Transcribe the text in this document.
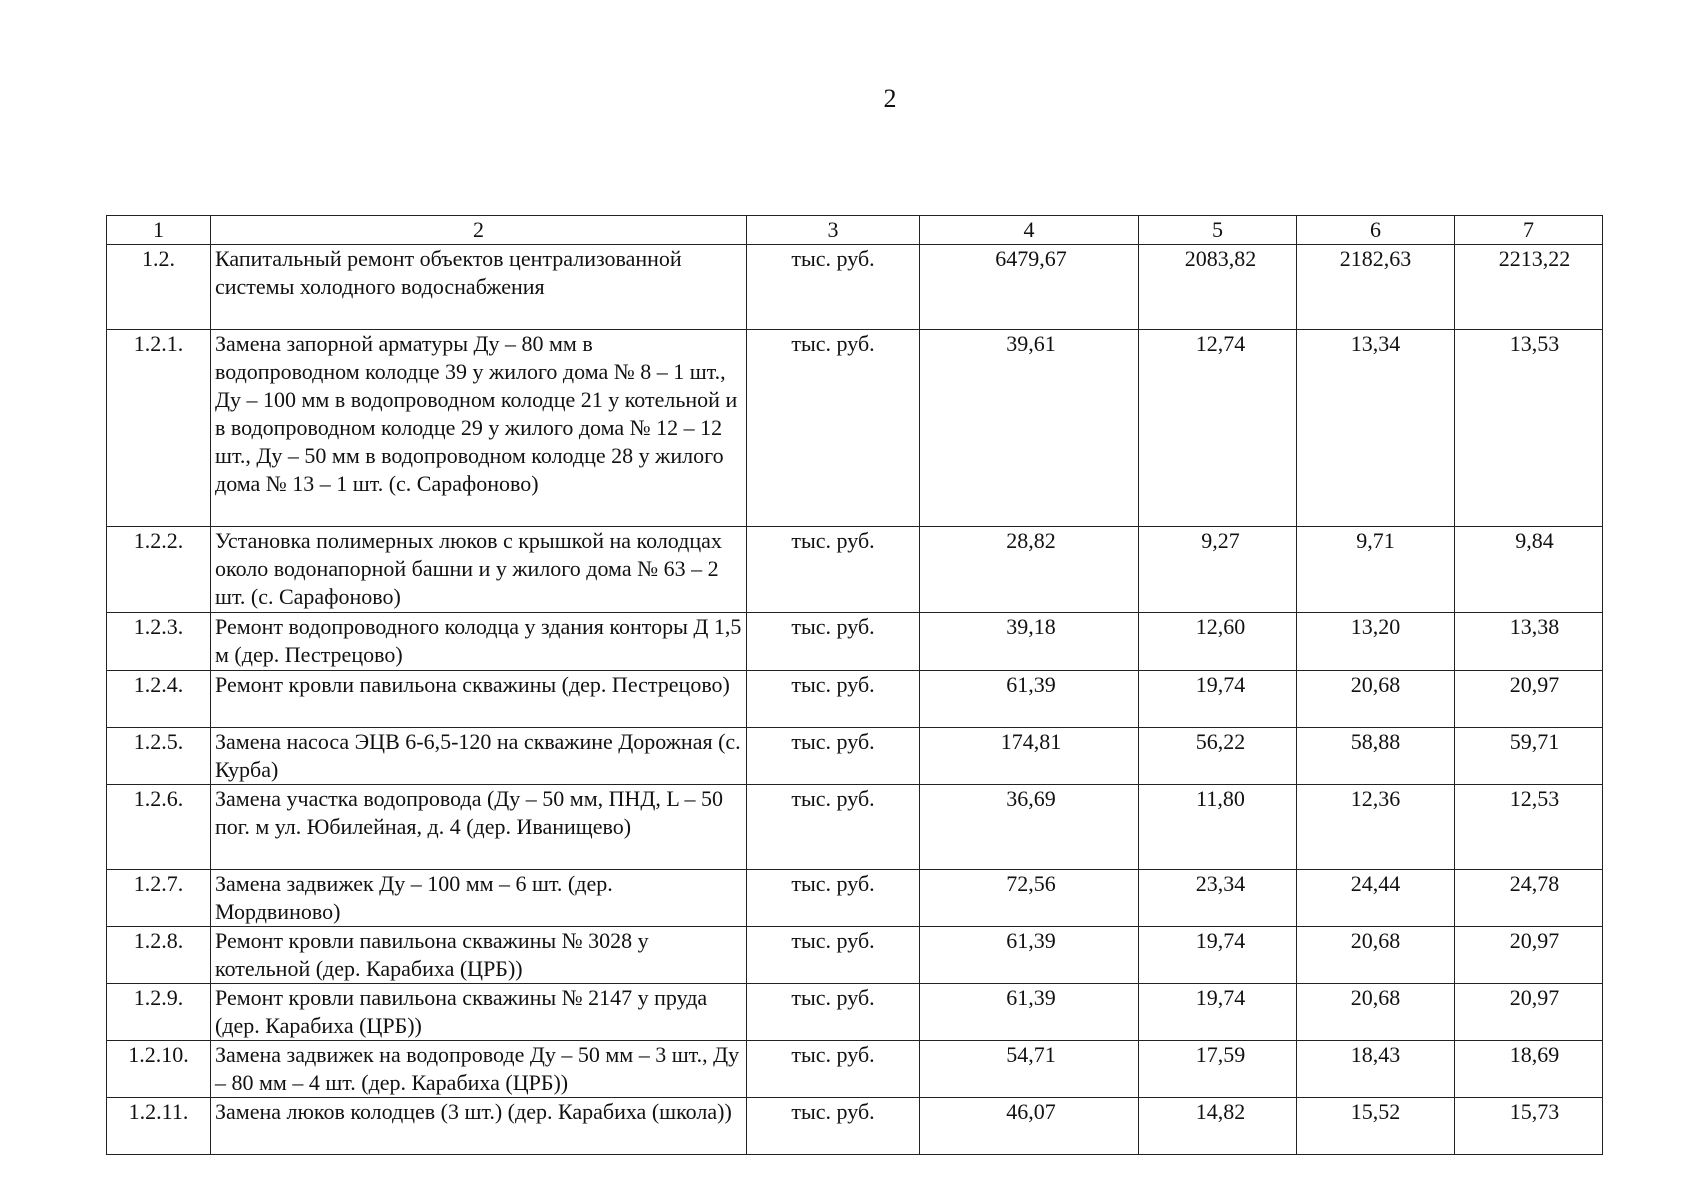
2
1	2	3	4	5	6	7
1.2.	Капитальный ремонт объектов централизованной системы холодного водоснабжения	тыс. руб.	6479,67	2083,82	2182,63	2213,22
1.2.1.	Замена запорной арматуры Ду – 80 мм в водопроводном колодце 39 у жилого дома № 8 – 1 шт., Ду – 100 мм в водопроводном колодце 21 у котельной и в водопроводном колодце 29 у жилого дома № 12 – 12 шт., Ду – 50 мм в водопроводном колодце 28 у жилого дома № 13 – 1 шт. (с. Сарафоново)	тыс. руб.	39,61	12,74	13,34	13,53
1.2.2.	Установка полимерных люков с крышкой на колодцах около водонапорной башни и у жилого дома № 63 – 2 шт. (с. Сарафоново)	тыс. руб.	28,82	9,27	9,71	9,84
1.2.3.	Ремонт водопроводного колодца у здания конторы Д 1,5 м (дер. Пестрецово)	тыс. руб.	39,18	12,60	13,20	13,38
1.2.4.	Ремонт кровли павильона скважины (дер. Пестрецово)	тыс. руб.	61,39	19,74	20,68	20,97
1.2.5.	Замена насоса ЭЦВ 6-6,5-120 на скважине Дорожная (с. Курба)	тыс. руб.	174,81	56,22	58,88	59,71
1.2.6.	Замена участка водопровода (Ду – 50 мм, ПНД, L – 50 пог. м ул. Юбилейная, д. 4 (дер. Иванищево)	тыс. руб.	36,69	11,80	12,36	12,53
1.2.7.	Замена задвижек Ду – 100 мм – 6 шт. (дер. Мордвиново)	тыс. руб.	72,56	23,34	24,44	24,78
1.2.8.	Ремонт кровли павильона скважины № 3028 у котельной (дер. Карабиха (ЦРБ))	тыс. руб.	61,39	19,74	20,68	20,97
1.2.9.	Ремонт кровли павильона скважины № 2147 у пруда (дер. Карабиха (ЦРБ))	тыс. руб.	61,39	19,74	20,68	20,97
1.2.10.	Замена задвижек на водопроводе Ду – 50 мм – 3 шт., Ду – 80 мм – 4 шт. (дер. Карабиха (ЦРБ))	тыс. руб.	54,71	17,59	18,43	18,69
1.2.11.	Замена люков колодцев (3 шт.) (дер. Карабиха (школа))	тыс. руб.	46,07	14,82	15,52	15,73
